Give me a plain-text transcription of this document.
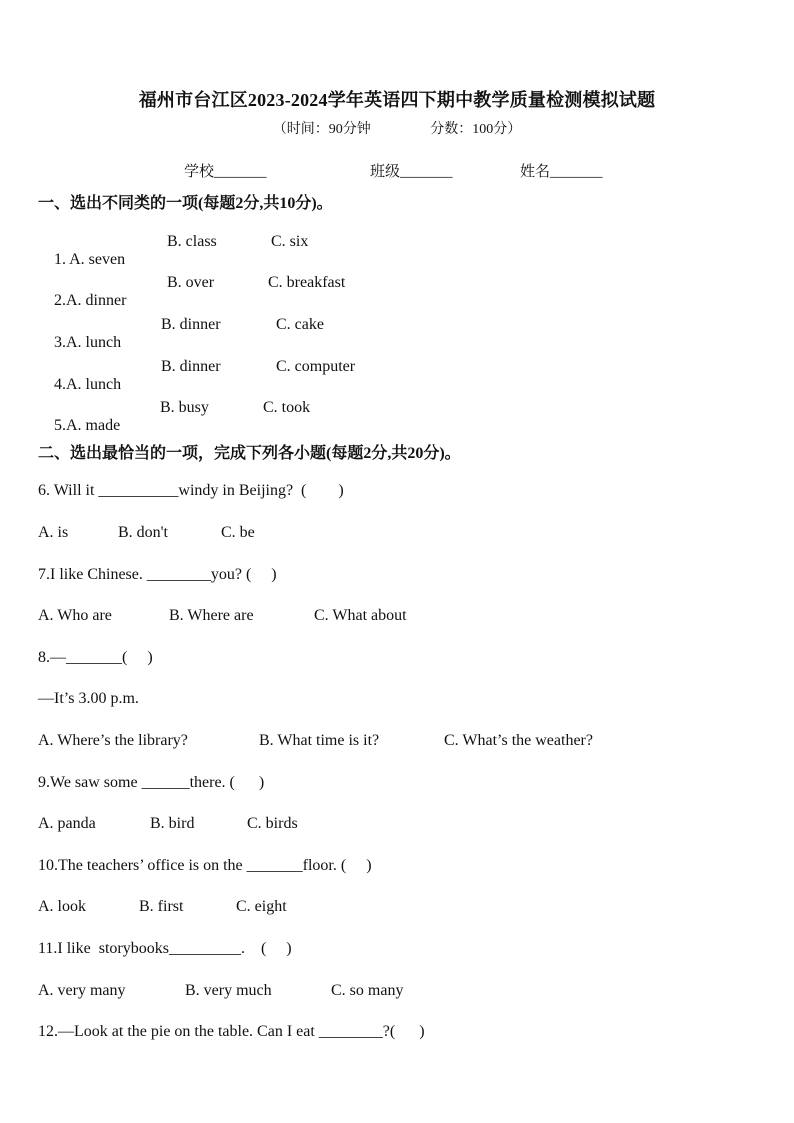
福州市台江区2023-2024学年英语四下期中教学质量检测模拟试题
（时间：90分钟                 分数：100分）
学校_______	班级_______	姓名_______
一、选出不同类的一项(每题2分,共10分)。

1. A. seven

B. class	C. six

2.A. dinner

B. over	C. breakfast

3.A. lunch

B. dinner	C. cake

4.A. lunch

B. dinner	C. computer

5.A. made

B. busy	C. took
二、选出最恰当的一项，完成下列各小题(每题2分,共20分)。
6. Will it __________windy in Beijing?  (        )
A. is	B. don't	C. be
7.I like Chinese. ________you? (     )
A. Who are	B. Where are	C. What about
8.—_______(     )
—It’s 3.00 p.m.
A. Where’s the library?	B. What time is it?	C. What’s the weather?
9.We saw some ______there. (      )
A. panda	B. bird	C. birds
10.The teachers’ office is on the _______floor. (     )
A. look	B. first	C. eight
11.I like  storybooks_________.    (     )
A. very many	B. very much	C. so many
12.—Look at the pie on the table. Can I eat ________?(      )
